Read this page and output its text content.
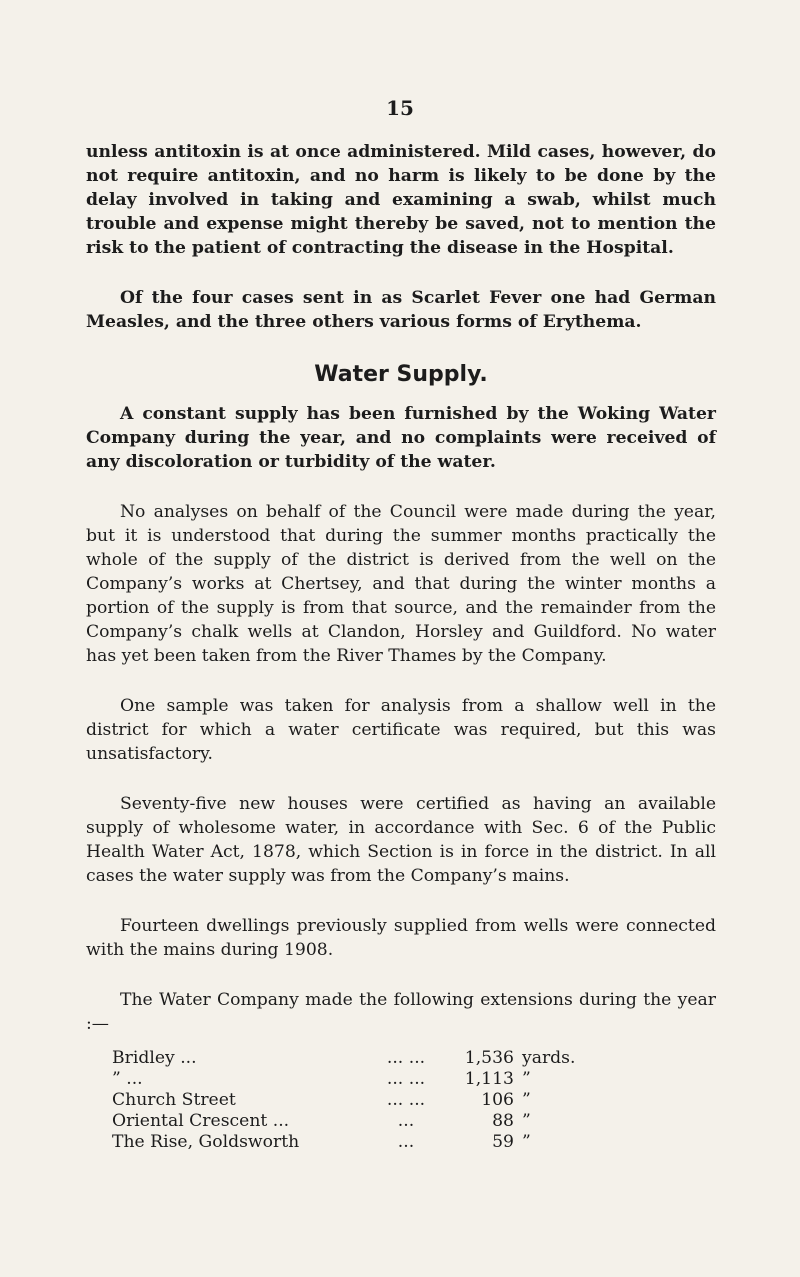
15

unless antitoxin is at once administered. Mild cases, however, do not require antitoxin, and no harm is likely to be done by the delay involved in taking and examining a swab, whilst much trouble and expense might thereby be saved, not to mention the risk to the patient of contracting the disease in the Hospital.

Of the four cases sent in as Scarlet Fever one had German Measles, and the three others various forms of Erythema.

Water Supply.

A constant supply has been furnished by the Woking Water Company during the year, and no complaints were received of any discoloration or turbidity of the water.

No analyses on behalf of the Council were made during the year, but it is understood that during the summer months practically the whole of the supply of the district is derived from the well on the Company’s works at Chertsey, and that during the winter months a portion of the supply is from that source, and the remainder from the Company’s chalk wells at Clandon, Horsley and Guildford. No water has yet been taken from the River Thames by the Company.

One sample was taken for analysis from a shallow well in the district for which a water certificate was required, but this was unsatisfactory.

Seventy-five new houses were certified as having an available supply of wholesome water, in accordance with Sec. 6 of the Public Health Water Act, 1878, which Section is in force in the district. In all cases the water supply was from the Company’s mains.

Fourteen dwellings previously supplied from wells were connected with the mains during 1908.

The Water Company made the following extensions during the year :—

Bridley ...	... ...	1,536 yards.
” ...	... ...	1,113 ”
Church Street	... ...	106 ”
Oriental Crescent ...	...	88 ”
The Rise, Goldsworth	...	59 ”
